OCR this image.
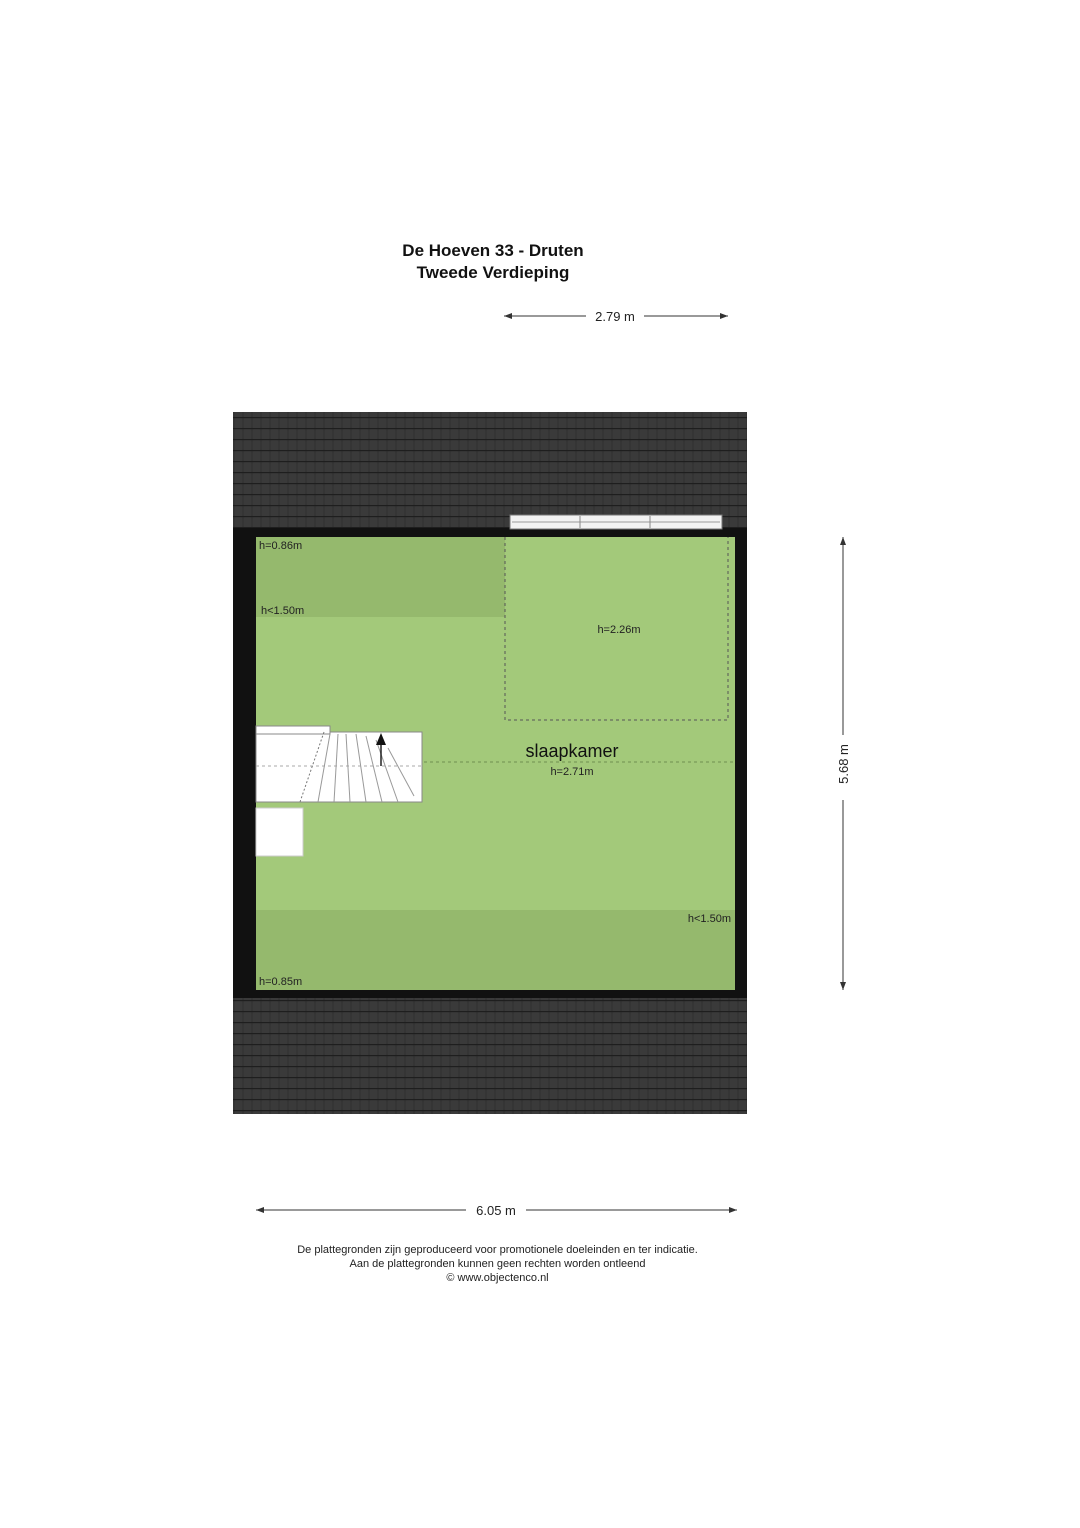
De Hoeven 33 - Druten
Tweede Verdieping
h=0.86m
h<1.50m
h=2.26m
h<1.50m
h=0.85m
slaapkamer
h=2.71m
2.79 m
5.68 m
6.05 m
De plattegronden zijn geproduceerd voor promotionele doeleinden en ter indicatie.
Aan de plattegronden kunnen geen rechten worden ontleend
© www.objectenco.nl
